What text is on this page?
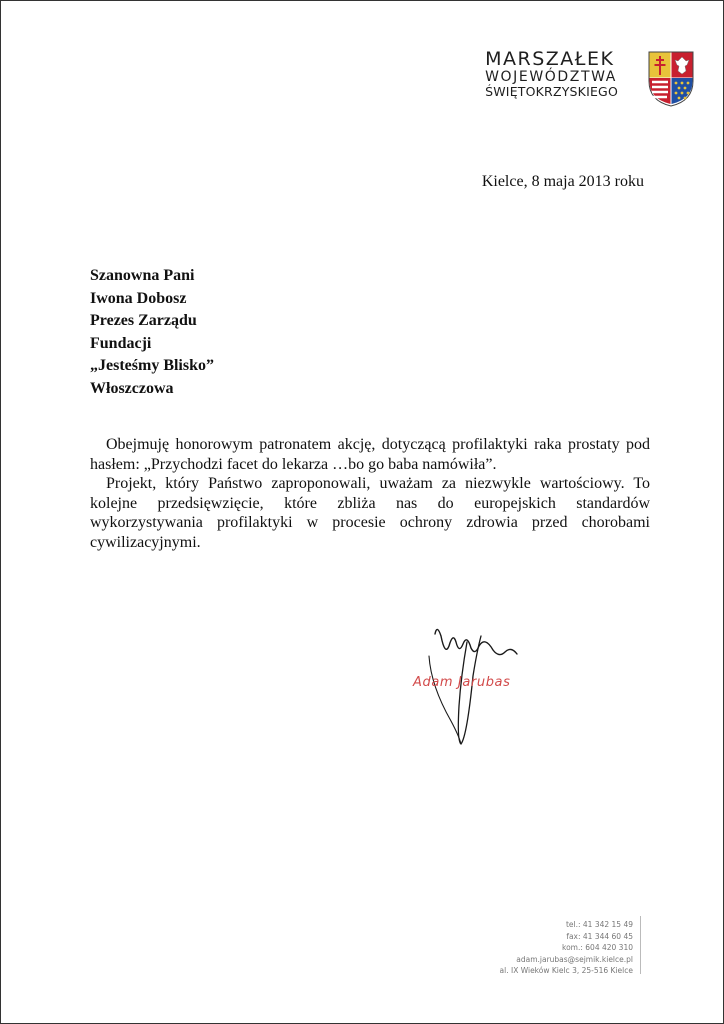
MARSZAŁEK
WOJEWÓDZTWA
ŚWIĘTOKRZYSKIEGO
Kielce, 8 maja 2013 roku
Szanowna Pani
Iwona Dobosz
Prezes Zarządu
Fundacji
„Jesteśmy Blisko”
Włoszczowa
Obejmuję honorowym patronatem akcję, dotyczącą profilaktyki raka prostaty pod hasłem: „Przychodzi facet do lekarza …bo go baba namówiła”.
Projekt, który Państwo zaproponowali, uważam za niezwykle wartościowy. To kolejne przedsięwzięcie, które zbliża nas do europejskich standardów wykorzystywania profilaktyki w procesie ochrony zdrowia przed chorobami cywilizacyjnymi.
Adam Jarubas
tel.: 41 342 15 49
fax: 41 344 60 45
kom.: 604 420 310
adam.jarubas@sejmik.kielce.pl
al. IX Wieków Kielc 3, 25-516 Kielce
